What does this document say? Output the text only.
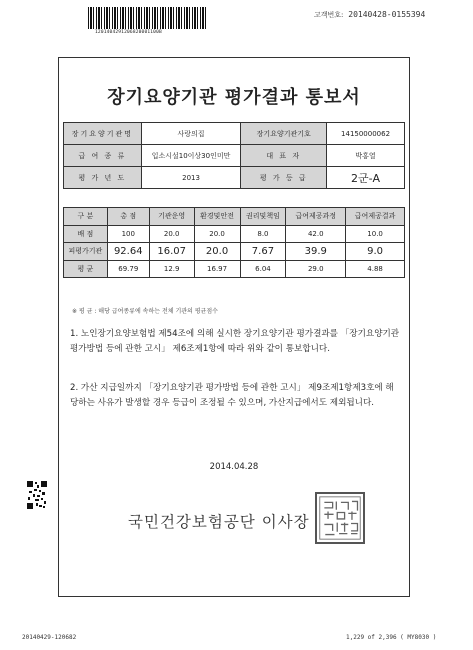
1201404291206820001100B
고객번호: 20140428-0155394
장기요양기관 평가결과 통보서
장기요양기관명	사랑의집	장기요양기관기호	14150000062
급 여 종 류	입소시설10이상30인미만	대 표 자	박홍열
평 가 년 도	2013	평 가 등 급	2군-A
구 분	총 점	기관운영	환경및안전	권리및책임	급여제공과정	급여제공결과
배 점	100	20.0	20.0	8.0	42.0	10.0
피평가기관	92.64	16.07	20.0	7.67	39.9	9.0
평 균	69.79	12.9	16.97	6.04	29.0	4.88
※ 평 균 : 해당 급여종류에 속하는 전체 기관의 평균점수
1. 노인장기요양보험법 제54조에 의해 실시한 장기요양기관 평가결과를 「장기요양기관 평가방법 등에 관한 고시」 제6조제1항에 따라 위와 같이 통보합니다.
2. 가산 지급일까지 「장기요양기관 평가방법 등에 관한 고시」 제9조제1항제3호에 해당하는 사유가 발생할 경우 등급이 조정될 수 있으며, 가산지급에서도 제외됩니다.
2014.04.28
국민건강보험공단 이사장
20140429-120682	1,229 of 2,396 ( MY8030 )
